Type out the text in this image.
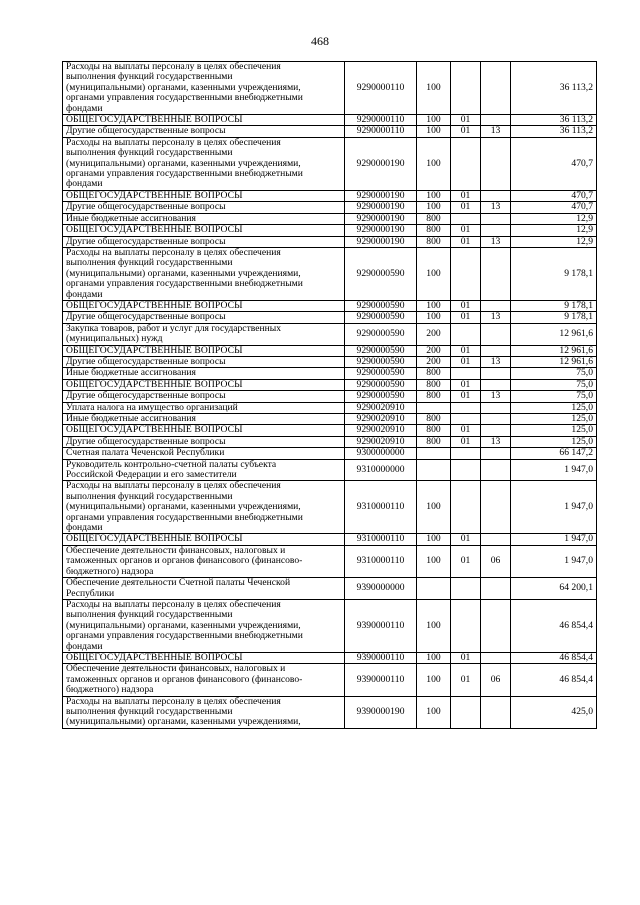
468
Расходы на выплаты персоналу в целях обеспечения
выполнения функций государственными
(муниципальными) органами, казенными учреждениями,
органами управления государственными внебюджетными
фондами	9290000110	100			36 113,2
ОБЩЕГОСУДАРСТВЕННЫЕ ВОПРОСЫ	9290000110	100	01		36 113,2
Другие общегосударственные вопросы	9290000110	100	01	13	36 113,2
Расходы на выплаты персоналу в целях обеспечения
выполнения функций государственными
(муниципальными) органами, казенными учреждениями,
органами управления государственными внебюджетными
фондами	9290000190	100			470,7
ОБЩЕГОСУДАРСТВЕННЫЕ ВОПРОСЫ	9290000190	100	01		470,7
Другие общегосударственные вопросы	9290000190	100	01	13	470,7
Иные бюджетные ассигнования	9290000190	800			12,9
ОБЩЕГОСУДАРСТВЕННЫЕ ВОПРОСЫ	9290000190	800	01		12,9
Другие общегосударственные вопросы	9290000190	800	01	13	12,9
Расходы на выплаты персоналу в целях обеспечения
выполнения функций государственными
(муниципальными) органами, казенными учреждениями,
органами управления государственными внебюджетными
фондами	9290000590	100			9 178,1
ОБЩЕГОСУДАРСТВЕННЫЕ ВОПРОСЫ	9290000590	100	01		9 178,1
Другие общегосударственные вопросы	9290000590	100	01	13	9 178,1
Закупка товаров, работ и услуг для государственных
(муниципальных) нужд	9290000590	200			12 961,6
ОБЩЕГОСУДАРСТВЕННЫЕ ВОПРОСЫ	9290000590	200	01		12 961,6
Другие общегосударственные вопросы	9290000590	200	01	13	12 961,6
Иные бюджетные ассигнования	9290000590	800			75,0
ОБЩЕГОСУДАРСТВЕННЫЕ ВОПРОСЫ	9290000590	800	01		75,0
Другие общегосударственные вопросы	9290000590	800	01	13	75,0
Уплата налога на имущество организаций	9290020910				125,0
Иные бюджетные ассигнования	9290020910	800			125,0
ОБЩЕГОСУДАРСТВЕННЫЕ ВОПРОСЫ	9290020910	800	01		125,0
Другие общегосударственные вопросы	9290020910	800	01	13	125,0
Счетная палата Чеченской Республики	9300000000				66 147,2
Руководитель контрольно-счетной палаты субъекта
Российской Федерации и его заместители	9310000000				1 947,0
Расходы на выплаты персоналу в целях обеспечения
выполнения функций государственными
(муниципальными) органами, казенными учреждениями,
органами управления государственными внебюджетными
фондами	9310000110	100			1 947,0
ОБЩЕГОСУДАРСТВЕННЫЕ ВОПРОСЫ	9310000110	100	01		1 947,0
Обеспечение деятельности финансовых, налоговых и
таможенных органов и органов финансового (финансово-
бюджетного) надзора	9310000110	100	01	06	1 947,0
Обеспечение деятельности Счетной палаты Чеченской
Республики	9390000000				64 200,1
Расходы на выплаты персоналу в целях обеспечения
выполнения функций государственными
(муниципальными) органами, казенными учреждениями,
органами управления государственными внебюджетными
фондами	9390000110	100			46 854,4
ОБЩЕГОСУДАРСТВЕННЫЕ ВОПРОСЫ	9390000110	100	01		46 854,4
Обеспечение деятельности финансовых, налоговых и
таможенных органов и органов финансового (финансово-
бюджетного) надзора	9390000110	100	01	06	46 854,4
Расходы на выплаты персоналу в целях обеспечения
выполнения функций государственными
(муниципальными) органами, казенными учреждениями,	9390000190	100			425,0
